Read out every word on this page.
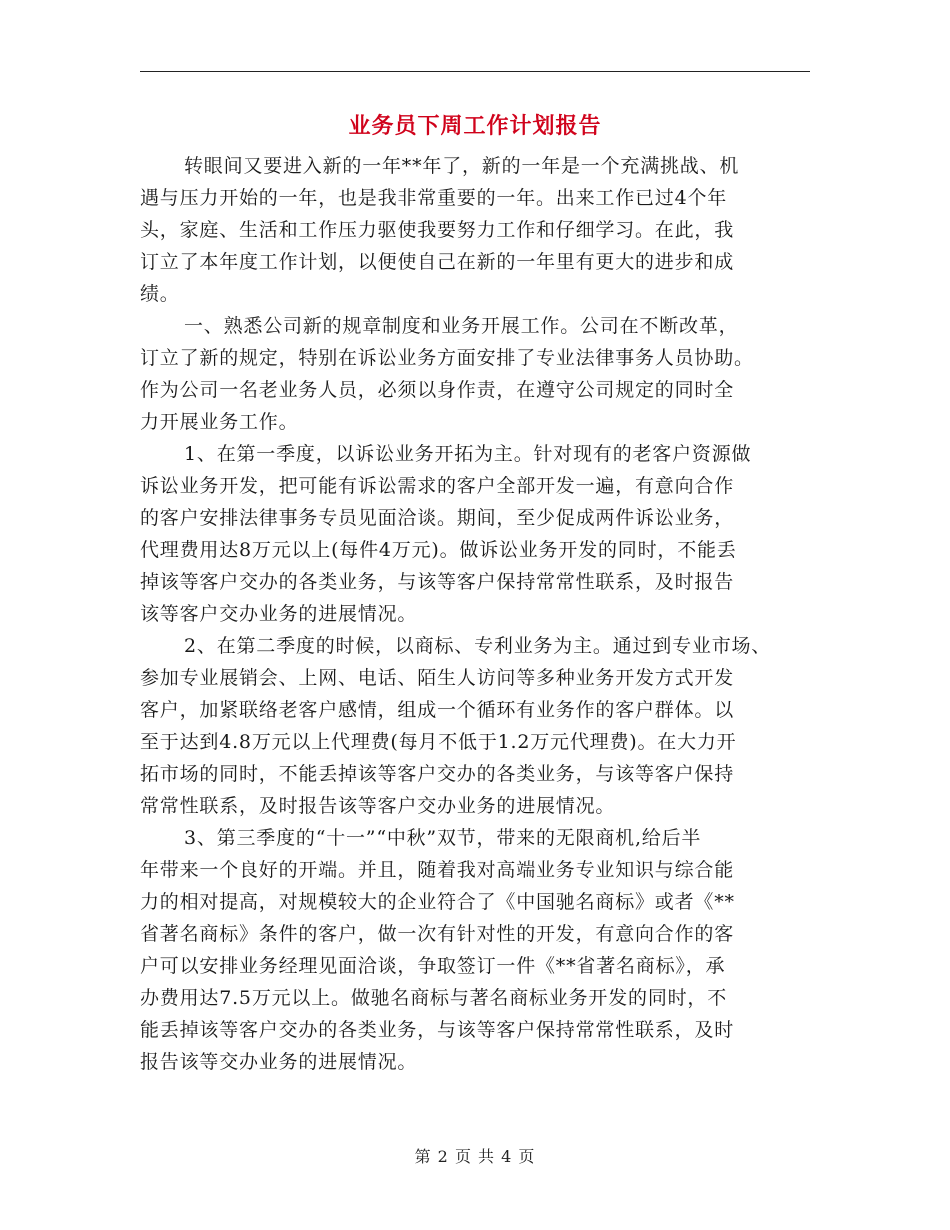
业务员下周工作计划报告
转眼间又要进入新的一年**年了，新的一年是一个充满挑战、机
遇与压力开始的一年，也是我非常重要的一年。出来工作已过4个年
头，家庭、生活和工作压力驱使我要努力工作和仔细学习。在此，我
订立了本年度工作计划，以便使自己在新的一年里有更大的进步和成
绩。
一、熟悉公司新的规章制度和业务开展工作。公司在不断改革，
订立了新的规定，特别在诉讼业务方面安排了专业法律事务人员协助。
作为公司一名老业务人员，必须以身作责，在遵守公司规定的同时全
力开展业务工作。
1、在第一季度，以诉讼业务开拓为主。针对现有的老客户资源做
诉讼业务开发，把可能有诉讼需求的客户全部开发一遍，有意向合作
的客户安排法律事务专员见面洽谈。期间，至少促成两件诉讼业务，
代理费用达8万元以上(每件4万元)。做诉讼业务开发的同时，不能丢
掉该等客户交办的各类业务，与该等客户保持常常性联系，及时报告
该等客户交办业务的进展情况。
2、在第二季度的时候，以商标、专利业务为主。通过到专业市场、
参加专业展销会、上网、电话、陌生人访问等多种业务开发方式开发
客户，加紧联络老客户感情，组成一个循环有业务作的客户群体。以
至于达到4.8万元以上代理费(每月不低于1.2万元代理费)。在大力开
拓市场的同时，不能丢掉该等客户交办的各类业务，与该等客户保持
常常性联系，及时报告该等客户交办业务的进展情况。
3、第三季度的“十一”“中秋”双节，带来的无限商机,给后半
年带来一个良好的开端。并且，随着我对高端业务专业知识与综合能
力的相对提高，对规模较大的企业符合了《中国驰名商标》或者《**
省著名商标》条件的客户，做一次有针对性的开发，有意向合作的客
户可以安排业务经理见面洽谈，争取签订一件《**省著名商标》，承
办费用达7.5万元以上。做驰名商标与著名商标业务开发的同时，不
能丢掉该等客户交办的各类业务，与该等客户保持常常性联系，及时
报告该等交办业务的进展情况。
第 2 页 共 4 页
